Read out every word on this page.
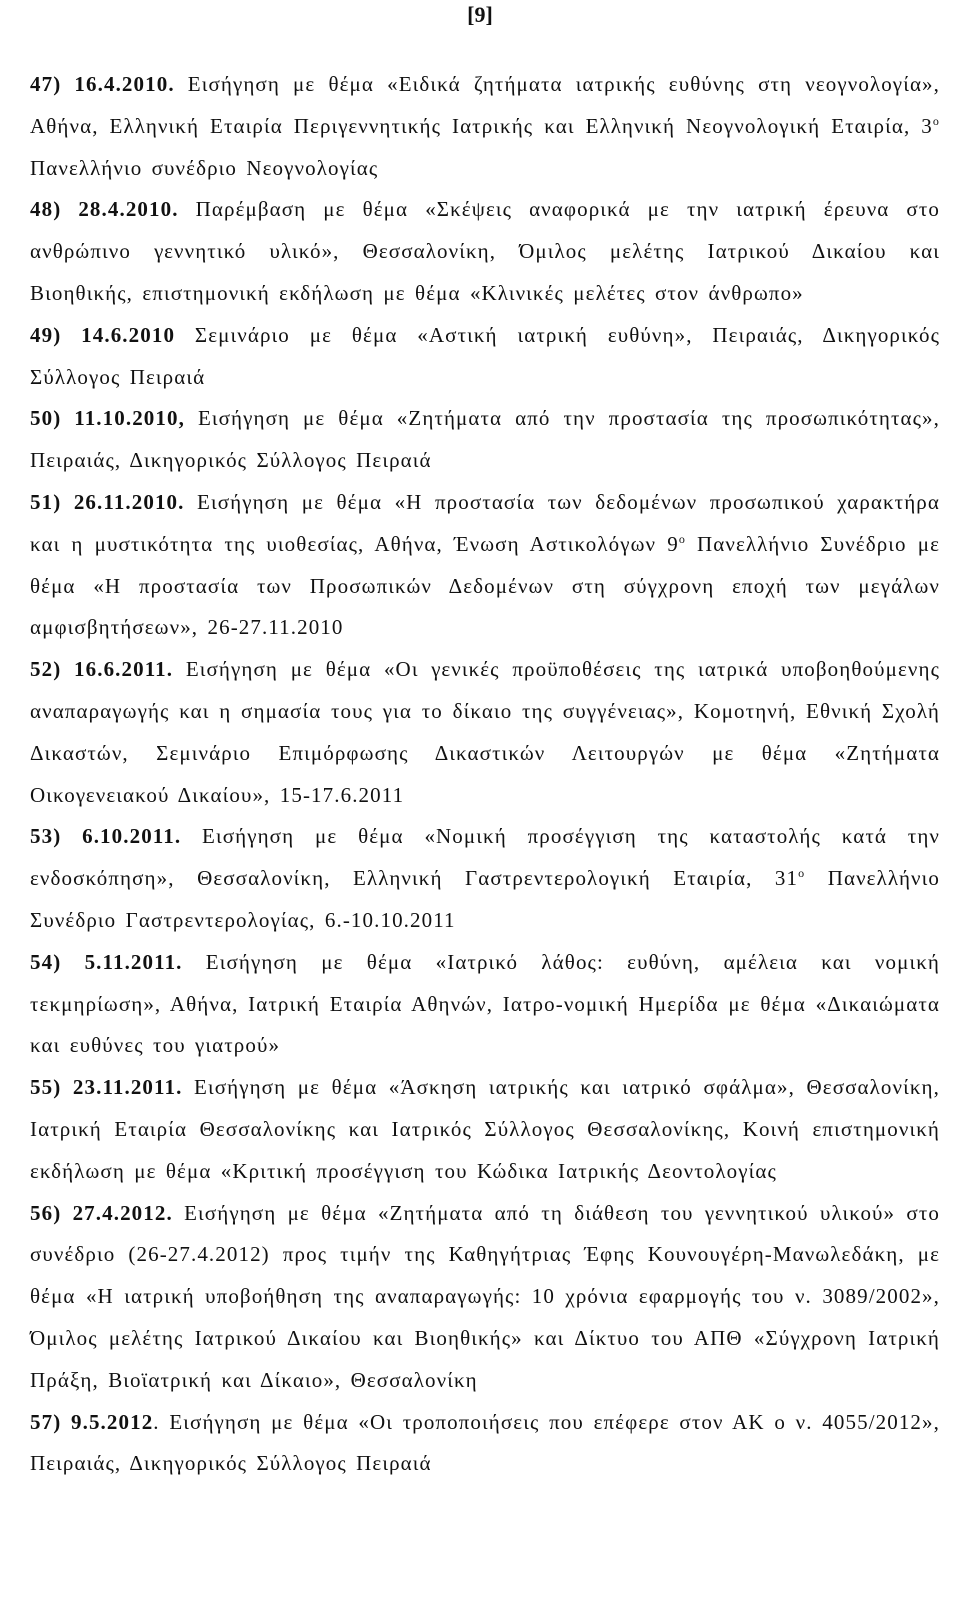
[9]
47) 16.4.2010. Εισήγηση με θέμα «Ειδικά ζητήματα ιατρικής ευθύνης στη νεογνολογία», Αθήνα, Ελληνική Εταιρία Περιγεννητικής Ιατρικής και Ελληνική Νεογνολογική Εταιρία, $3^o$ Πανελλήνιο συνέδριο Νεογνολογίας
48) 28.4.2010. Παρέμβαση με θέμα «Σκέψεις αναφορικά με την ιατρική έρευνα στο ανθρώπινο γεννητικό υλικό», Θεσσαλονίκη, Όμιλος μελέτης Ιατρικού Δικαίου και Βιοηθικής, επιστημονική εκδήλωση με θέμα «Κλινικές μελέτες στον άνθρωπο»
49) 14.6.2010 Σεμινάριο με θέμα «Αστική ιατρική ευθύνη», Πειραιάς, Δικηγορικός Σύλλογος Πειραιά
50) 11.10.2010, Εισήγηση με θέμα «Ζητήματα από την προστασία της προσωπικότητας», Πειραιάς, Δικηγορικός Σύλλογος Πειραιά
51) 26.11.2010. Εισήγηση με θέμα «Η προστασία των δεδομένων προσωπικού χαρακτήρα και η μυστικότητα της υιοθεσίας, Αθήνα, Ένωση Αστικολόγων $9^o$ Πανελλήνιο Συνέδριο με θέμα «Η προστασία των Προσωπικών Δεδομένων στη σύγχρονη εποχή των μεγάλων αμφισβητήσεων», 26-27.11.2010
52) 16.6.2011. Εισήγηση με θέμα «Οι γενικές προϋποθέσεις της ιατρικά υποβοηθούμενης αναπαραγωγής και η σημασία τους για το δίκαιο της συγγένειας», Κομοτηνή, Εθνική Σχολή Δικαστών, Σεμινάριο Επιμόρφωσης Δικαστικών Λειτουργών με θέμα «Ζητήματα Οικογενειακού Δικαίου», 15-17.6.2011
53) 6.10.2011. Εισήγηση με θέμα «Νομική προσέγγιση της καταστολής κατά την ενδοσκόπηση», Θεσσαλονίκη, Ελληνική Γαστρεντερολογική Εταιρία, $31^o$ Πανελλήνιο Συνέδριο Γαστρεντερολογίας, 6.-10.10.2011
54) 5.11.2011. Εισήγηση με θέμα «Ιατρικό λάθος: ευθύνη, αμέλεια και νομική τεκμηρίωση», Αθήνα, Ιατρική Εταιρία Αθηνών, Ιατρο-νομική Ημερίδα με θέμα «Δικαιώματα και ευθύνες του γιατρού»
55) 23.11.2011. Εισήγηση με θέμα «Άσκηση ιατρικής και ιατρικό σφάλμα», Θεσσαλονίκη, Ιατρική Εταιρία Θεσσαλονίκης και Ιατρικός Σύλλογος Θεσσαλονίκης, Κοινή επιστημονική εκδήλωση με θέμα «Κριτική προσέγγιση του Κώδικα Ιατρικής Δεοντολογίας
56) 27.4.2012. Εισήγηση με θέμα «Ζητήματα από τη διάθεση του γεννητικού υλικού» στο συνέδριο (26-27.4.2012) προς τιμήν της Καθηγήτριας Έφης Κουνουγέρη-Μανωλεδάκη, με θέμα «Η ιατρική υποβοήθηση της αναπαραγωγής: 10 χρόνια εφαρμογής του ν. 3089/2002», Όμιλος μελέτης Ιατρικού Δικαίου και Βιοηθικής» και Δίκτυο του ΑΠΘ «Σύγχρονη Ιατρική Πράξη, Βιοϊατρική και Δίκαιο», Θεσσαλονίκη
57) 9.5.2012. Εισήγηση με θέμα «Οι τροποποιήσεις που επέφερε στον ΑΚ ο ν. 4055/2012», Πειραιάς, Δικηγορικός Σύλλογος Πειραιά
